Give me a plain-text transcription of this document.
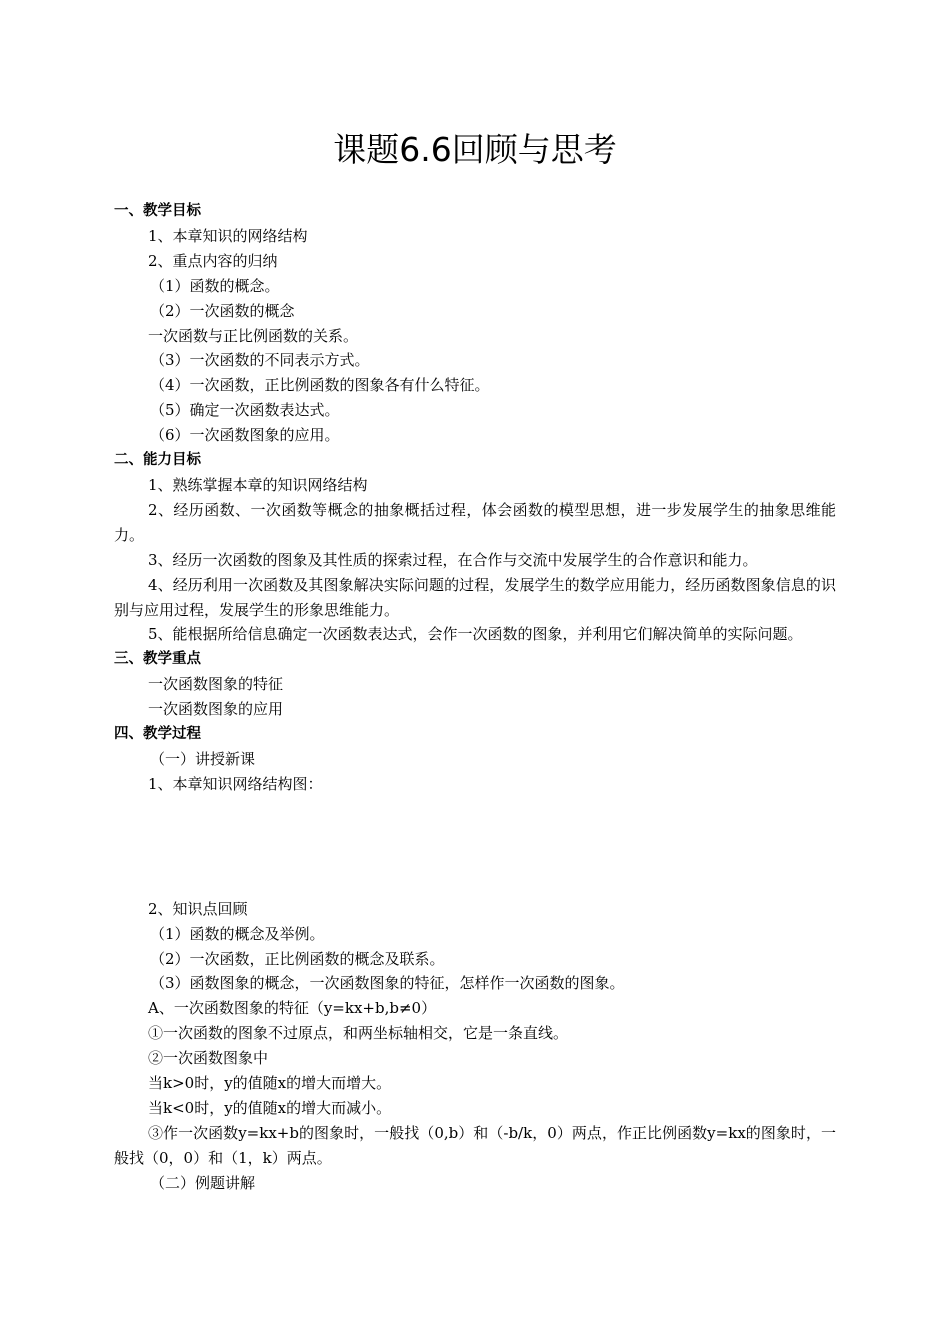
课题6.6回顾与思考

一、教学目标

1、本章知识的网络结构

2、重点内容的归纳

（1）函数的概念。

（2）一次函数的概念

一次函数与正比例函数的关系。

（3）一次函数的不同表示方式。

（4）一次函数，正比例函数的图象各有什么特征。

（5）确定一次函数表达式。

（6）一次函数图象的应用。

二、能力目标

1、熟练掌握本章的知识网络结构

2、经历函数、一次函数等概念的抽象概括过程，体会函数的模型思想，进一步发展学生的抽象思维能力。

3、经历一次函数的图象及其性质的探索过程，在合作与交流中发展学生的合作意识和能力。

4、经历利用一次函数及其图象解决实际问题的过程，发展学生的数学应用能力，经历函数图象信息的识别与应用过程，发展学生的形象思维能力。

5、能根据所给信息确定一次函数表达式，会作一次函数的图象，并利用它们解决简单的实际问题。

三、教学重点

一次函数图象的特征

一次函数图象的应用

四、教学过程

（一）讲授新课

1、本章知识网络结构图：

2、知识点回顾

（1）函数的概念及举例。

（2）一次函数，正比例函数的概念及联系。

（3）函数图象的概念，一次函数图象的特征，怎样作一次函数的图象。

A、一次函数图象的特征（y=kx+b,b≠0）

①一次函数的图象不过原点，和两坐标轴相交，它是一条直线。

②一次函数图象中

当k>0时，y的值随x的增大而增大。

当k<0时，y的值随x的增大而减小。

③作一次函数y=kx+b的图象时，一般找（0,b）和（-b/k，0）两点，作正比例函数y=kx的图象时，一般找（0，0）和（1，k）两点。

（二）例题讲解
